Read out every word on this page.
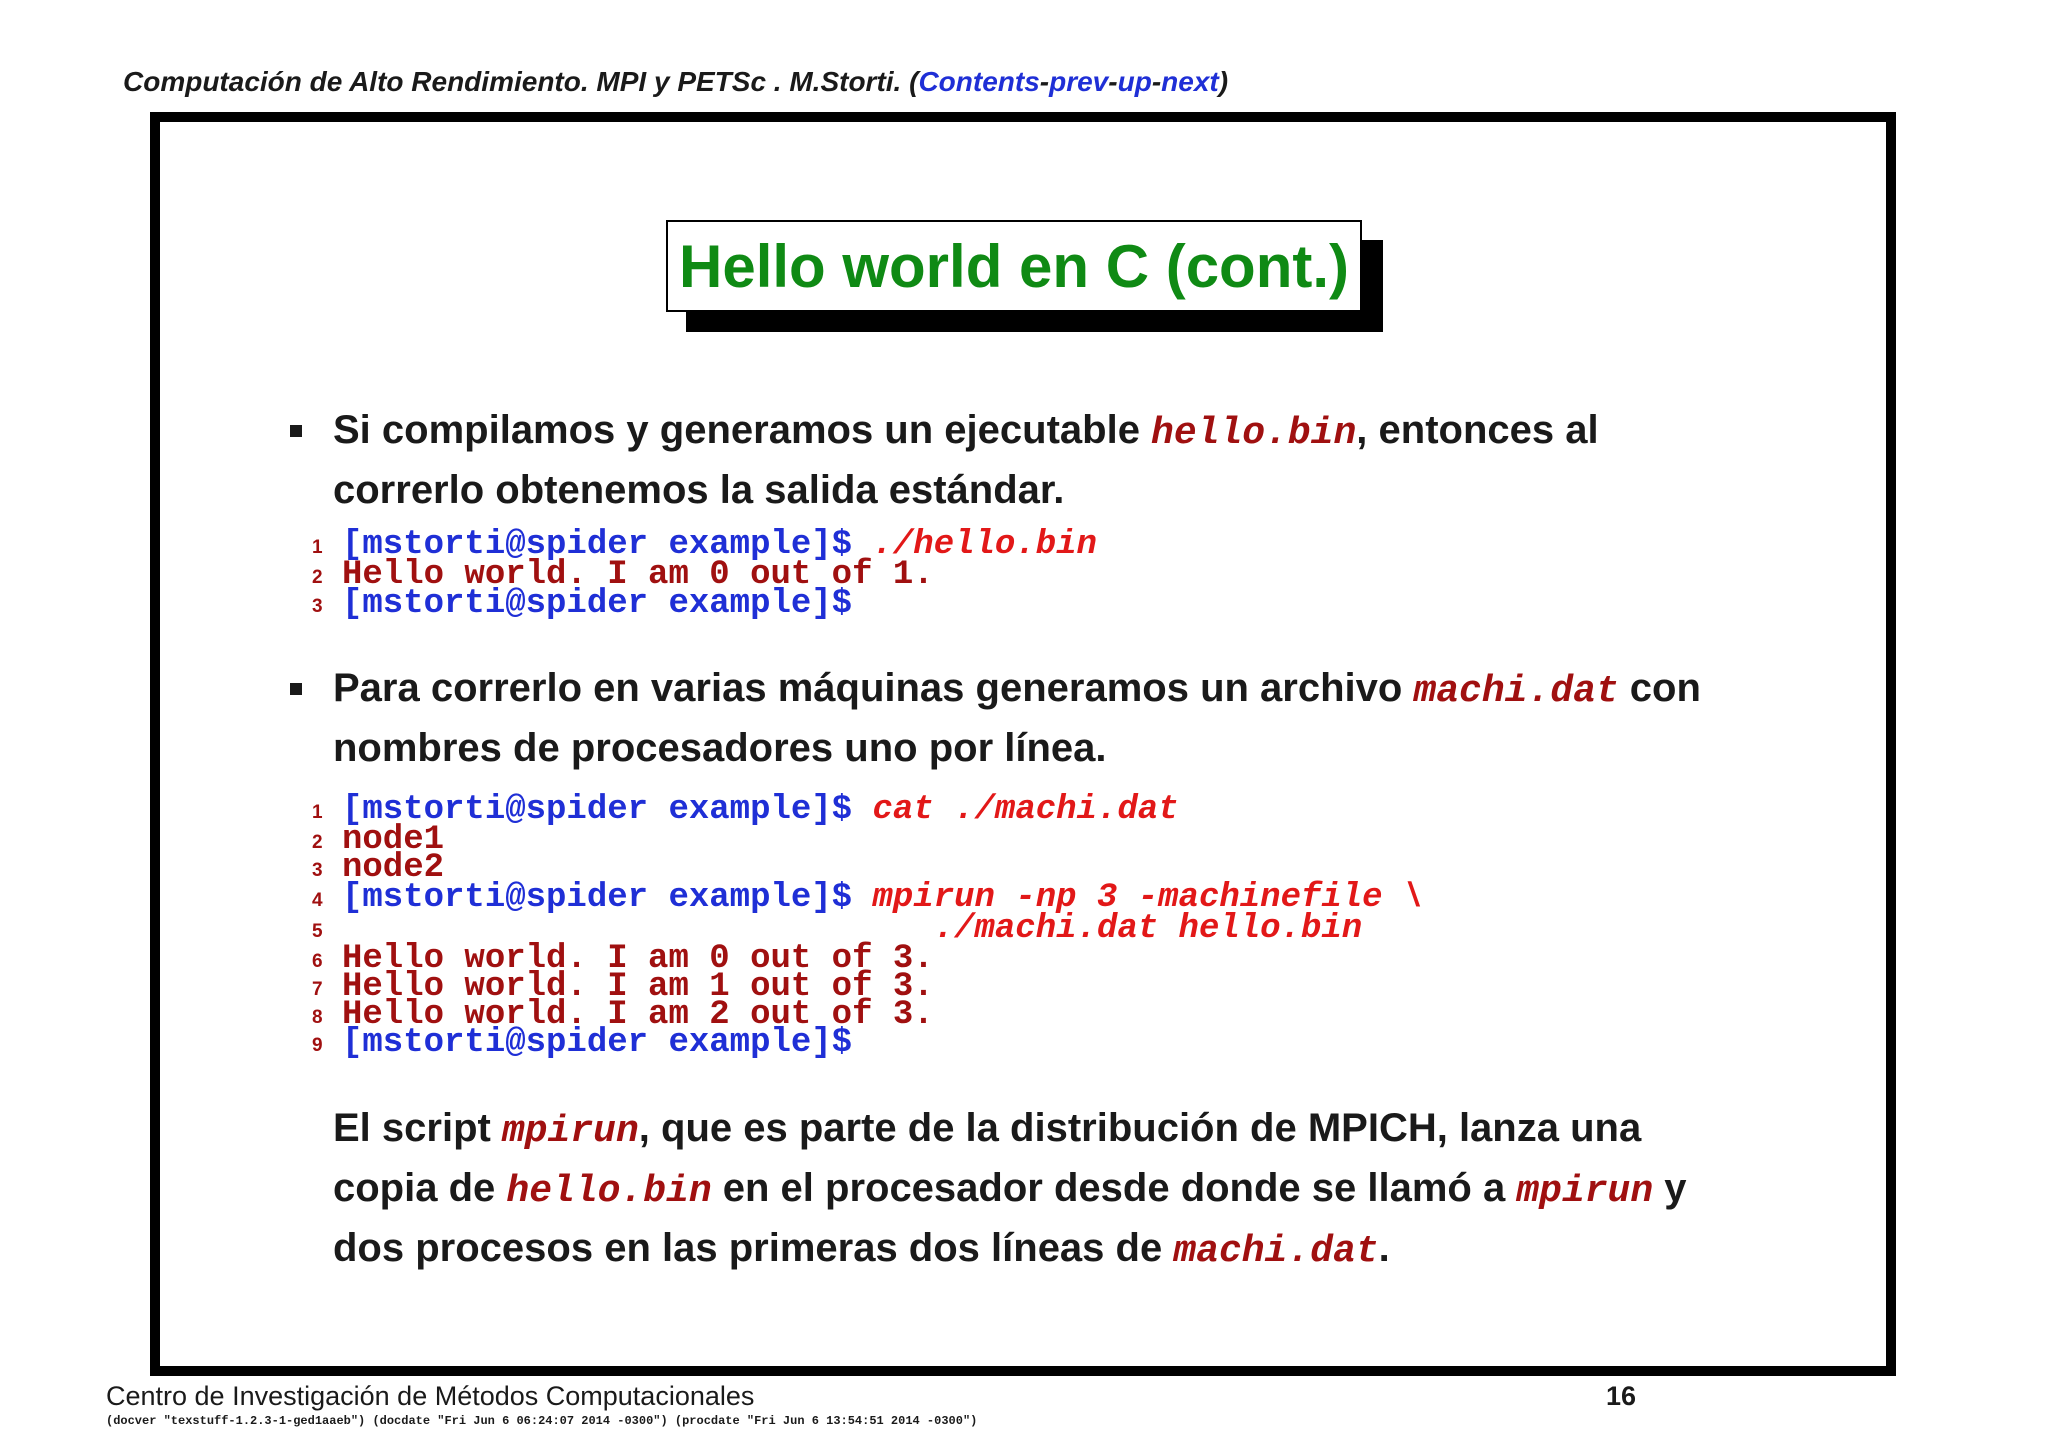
Computación de Alto Rendimiento. MPI y PETSc . M.Storti. (Contents-prev-up-next)
Hello world en C (cont.)
Si compilamos y generamos un ejecutable hello.bin, entonces al
correrlo obtenemos la salida estándar.
1 [mstorti@spider example]$ ./hello.bin
2 Hello world. I am 0 out of 1.
3 [mstorti@spider example]$
Para correrlo en varias máquinas generamos un archivo machi.dat con
nombres de procesadores uno por línea.
1 [mstorti@spider example]$ cat ./machi.dat
2 node1
3 node2
4 [mstorti@spider example]$ mpirun -np 3 -machinefile \
5                             ./machi.dat hello.bin
6 Hello world. I am 0 out of 3.
7 Hello world. I am 1 out of 3.
8 Hello world. I am 2 out of 3.
9 [mstorti@spider example]$
El script mpirun, que es parte de la distribución de MPICH, lanza una
copia de hello.bin en el procesador desde donde se llamó a mpirun y
dos procesos en las primeras dos líneas de machi.dat.
Centro de Investigación de Métodos Computacionales	16
(docver "texstuff-1.2.3-1-ged1aaeb") (docdate "Fri Jun 6 06:24:07 2014 -0300") (procdate "Fri Jun 6 13:54:51 2014 -0300")
